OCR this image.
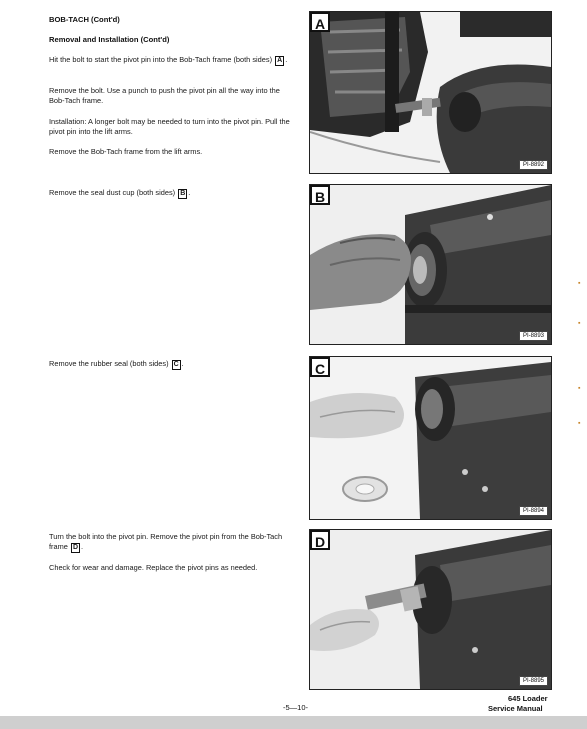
BOB-TACH (Cont'd)
Removal and Installation (Cont'd)
Hit the bolt to start the pivot pin into the Bob-Tach frame (both sides) A .
Remove the bolt. Use a punch to push the pivot pin all the way into the Bob-Tach frame.
Installation: A longer bolt may be needed to turn into the pivot pin. Pull the pivot pin into the lift arms.
Remove the Bob-Tach frame from the lift arms.
Remove the seal dust cup (both sides) B .
Remove the rubber seal (both sides) C .
Turn the bolt into the pivot pin. Remove the pivot pin from the Bob-Tach frame D .
Check for wear and damage. Replace the pivot pins as needed.
A
PI-8892
B
PI-8893
C
PI-8894
D
PI-8895
-5—10-
645 Loader
Service Manual
▪
▪
▪
▪
